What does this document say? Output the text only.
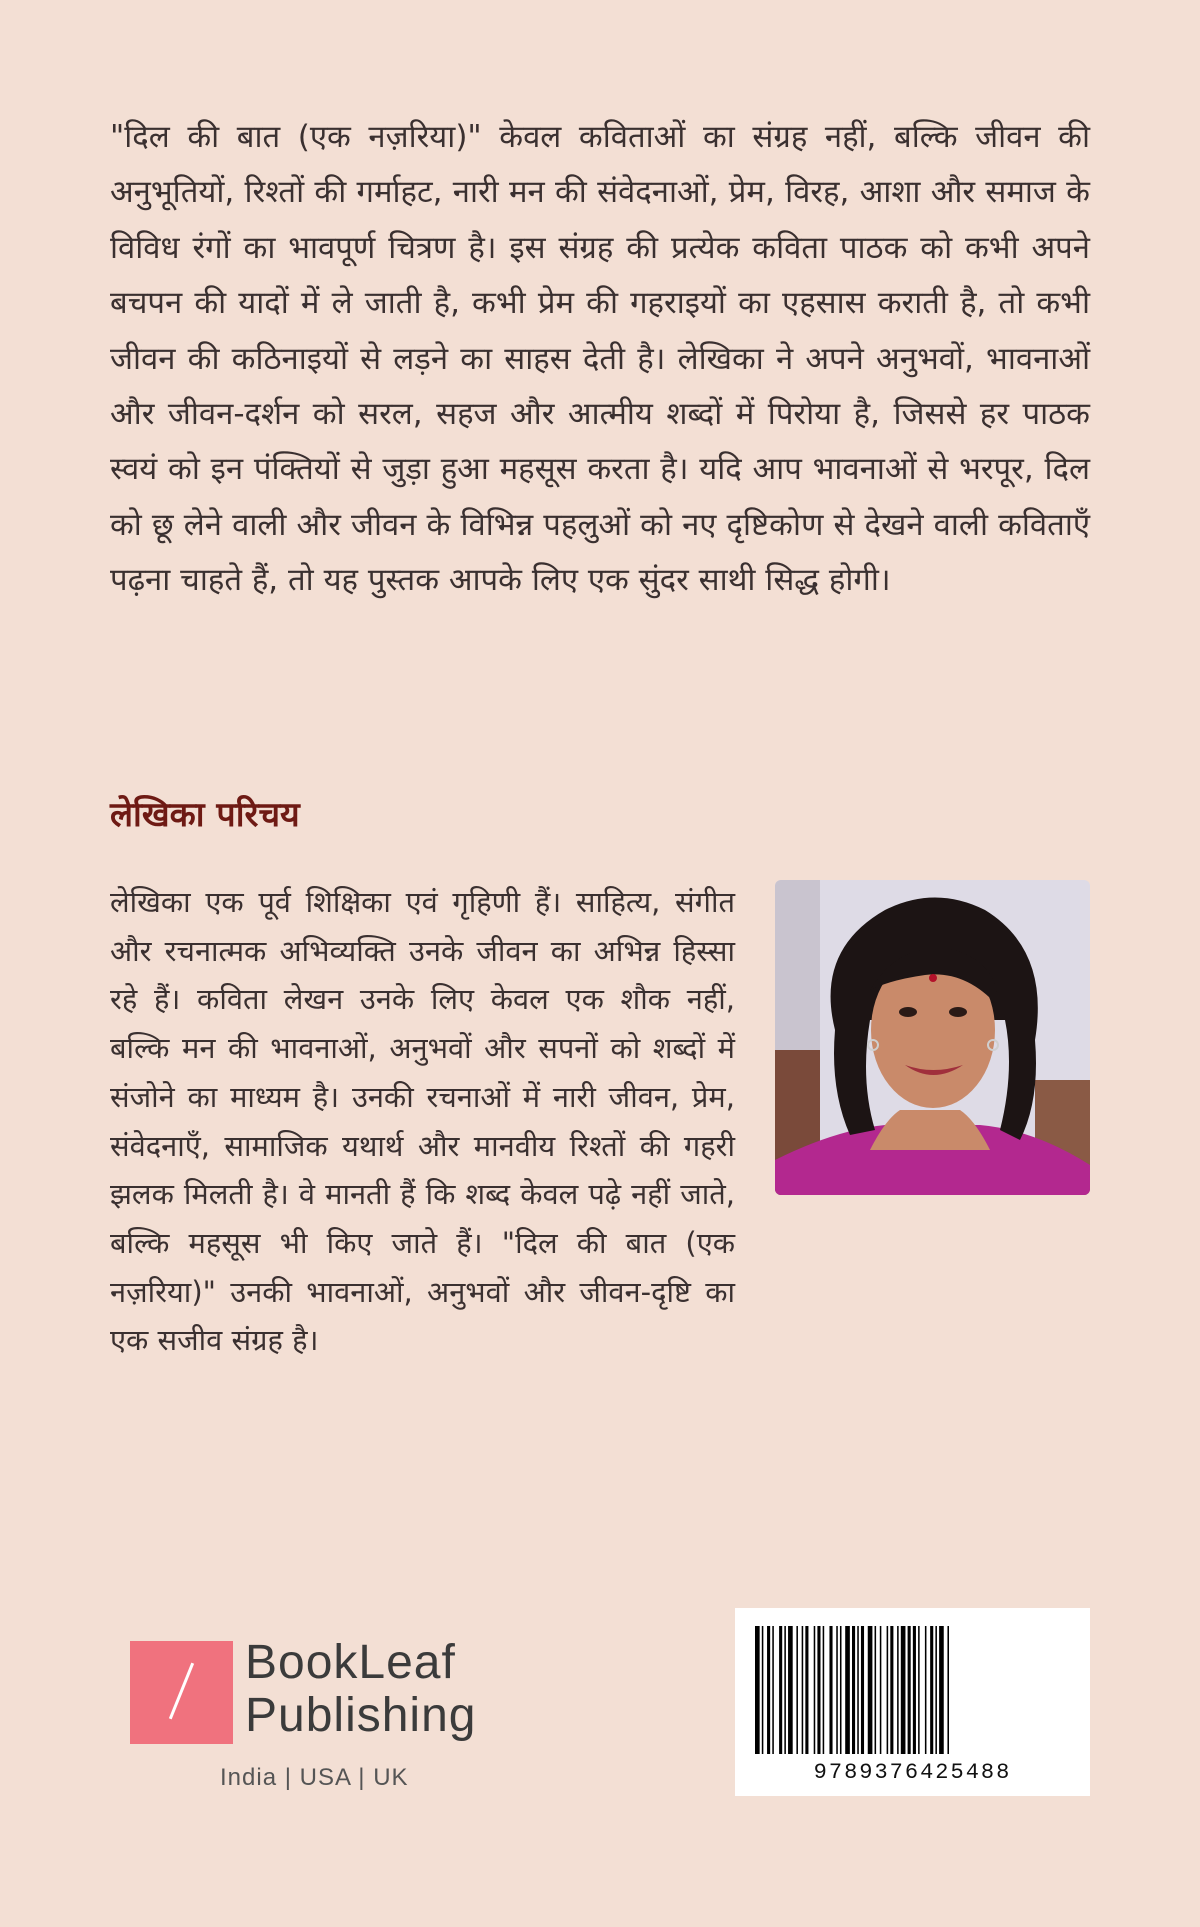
"दिल की बात (एक नज़रिया)" केवल कविताओं का संग्रह नहीं, बल्कि जीवन की अनुभूतियों, रिश्तों की गर्माहट, नारी मन की संवेदनाओं, प्रेम, विरह, आशा और समाज के विविध रंगों का भावपूर्ण चित्रण है। इस संग्रह की प्रत्येक कविता पाठक को कभी अपने बचपन की यादों में ले जाती है, कभी प्रेम की गहराइयों का एहसास कराती है, तो कभी जीवन की कठिनाइयों से लड़ने का साहस देती है। लेखिका ने अपने अनुभवों, भावनाओं और जीवन-दर्शन को सरल, सहज और आत्मीय शब्दों में पिरोया है, जिससे हर पाठक स्वयं को इन पंक्तियों से जुड़ा हुआ महसूस करता है। यदि आप भावनाओं से भरपूर, दिल को छू लेने वाली और जीवन के विभिन्न पहलुओं को नए दृष्टिकोण से देखने वाली कविताएँ पढ़ना चाहते हैं, तो यह पुस्तक आपके लिए एक सुंदर साथी सिद्ध होगी।
लेखिका परिचय
लेखिका एक पूर्व शिक्षिका एवं गृहिणी हैं। साहित्य, संगीत और रचनात्मक अभिव्यक्ति उनके जीवन का अभिन्न हिस्सा रहे हैं। कविता लेखन उनके लिए केवल एक शौक नहीं, बल्कि मन की भावनाओं, अनुभवों और सपनों को शब्दों में संजोने का माध्यम है। उनकी रचनाओं में नारी जीवन, प्रेम, संवेदनाएँ, सामाजिक यथार्थ और मानवीय रिश्तों की गहरी झलक मिलती है। वे मानती हैं कि शब्द केवल पढ़े नहीं जाते, बल्कि महसूस भी किए जाते हैं। "दिल की बात (एक नज़रिया)" उनकी भावनाओं, अनुभवों और जीवन-दृष्टि का एक सजीव संग्रह है।
BookLeaf
Publishing
India | USA | UK	9789376425488
